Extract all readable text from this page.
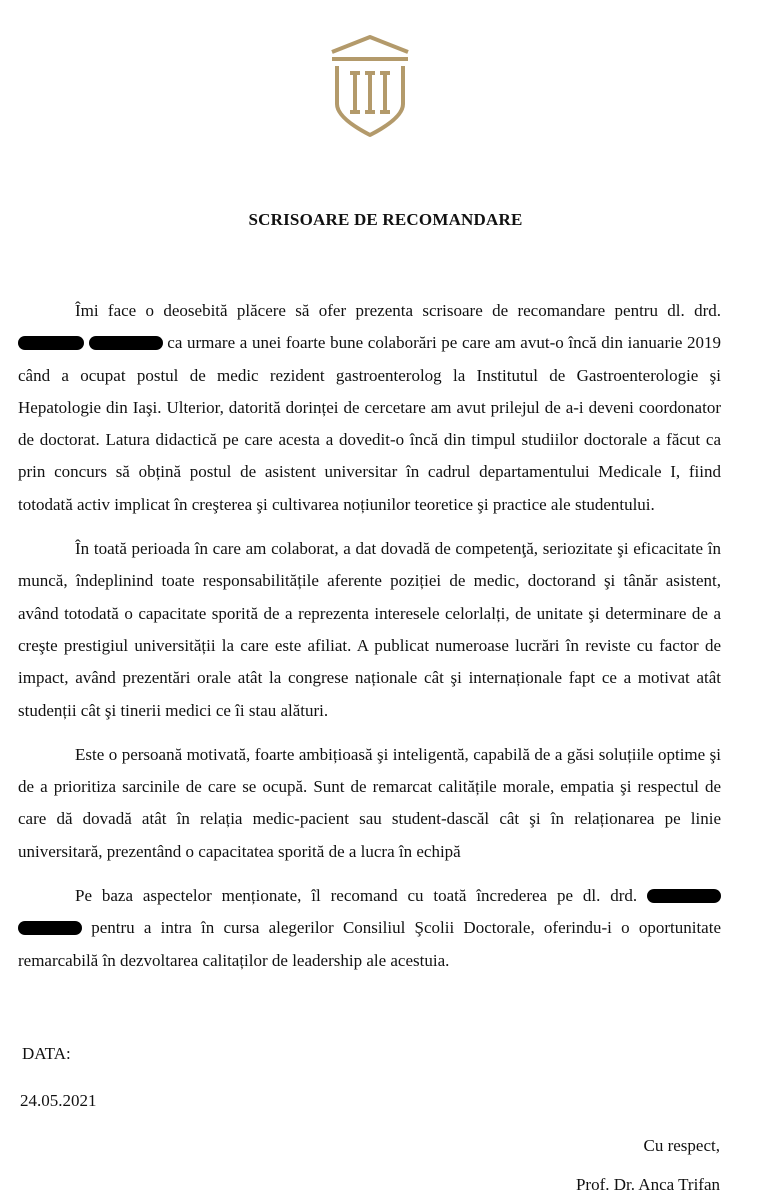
SCRISOARE DE RECOMANDARE

Îmi face o deosebită plăcere să ofer prezenta scrisoare de recomandare pentru dl. drd.   ca urmare a unei foarte bune colaborări pe care am avut-o încă din ianuarie 2019 când a ocupat postul de medic rezident gastroenterolog la Institutul de Gastroenterologie şi Hepatologie din Iaşi. Ulterior, datorită dorinței de cercetare am avut prilejul de a-i deveni coordonator de doctorat. Latura didactică pe care acesta a dovedit-o încă din timpul studiilor doctorale a făcut ca prin concurs să obțină postul de asistent universitar în cadrul departamentului Medicale I, fiind totodată activ implicat în creşterea şi cultivarea noțiunilor teoretice şi practice ale studentului.

În toată perioada în care am colaborat, a dat dovadă de competenţă, seriozitate şi eficacitate în muncă, îndeplinind toate responsabilitățile aferente poziției de medic, doctorand şi tânăr asistent, având totodată o capacitate sporită de a reprezenta interesele celorlalți, de unitate şi determinare de a creşte prestigiul universității la care este afiliat. A publicat numeroase lucrări în reviste cu factor de impact, având prezentări orale atât la congrese naționale cât şi internaționale fapt ce a motivat atât studenții cât şi tinerii medici ce îi stau alături.

Este o persoană motivată, foarte ambițioasă şi inteligentă, capabilă de a găsi soluțiile optime şi de a prioritiza sarcinile de care se ocupă. Sunt de remarcat calitățile morale, empatia şi respectul de care dă dovadă atât în relația medic-pacient sau student-dascăl cât şi în relaționarea pe linie universitară, prezentând o capacitatea sporită de a lucra în echipă

Pe baza aspectelor menționate, îl recomand cu toată încrederea pe dl. drd.   pentru a intra în cursa alegerilor Consiliul Şcolii Doctorale, oferindu-i o oportunitate remarcabilă în dezvoltarea calitaților de leadership ale acestuia.

DATA:
24.05.2021
Cu respect,
Prof. Dr. Anca Trifan
